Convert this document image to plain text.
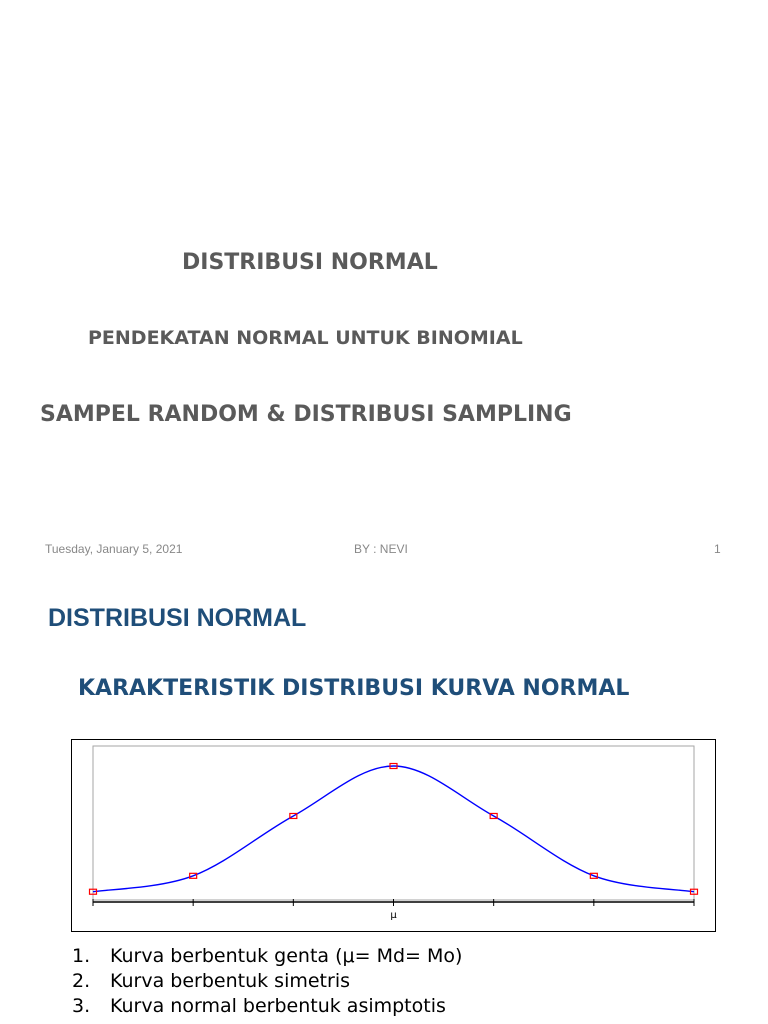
DISTRIBUSI NORMAL
PENDEKATAN NORMAL UNTUK BINOMIAL
SAMPEL RANDOM & DISTRIBUSI SAMPLING
Tuesday, January 5, 2021	BY : NEVI	1
DISTRIBUSI NORMAL
KARAKTERISTIK DISTRIBUSI KURVA NORMAL
μ
1. Kurva berbentuk genta (μ= Md= Mo)
2. Kurva berbentuk simetris
3. Kurva normal berbentuk asimptotis
